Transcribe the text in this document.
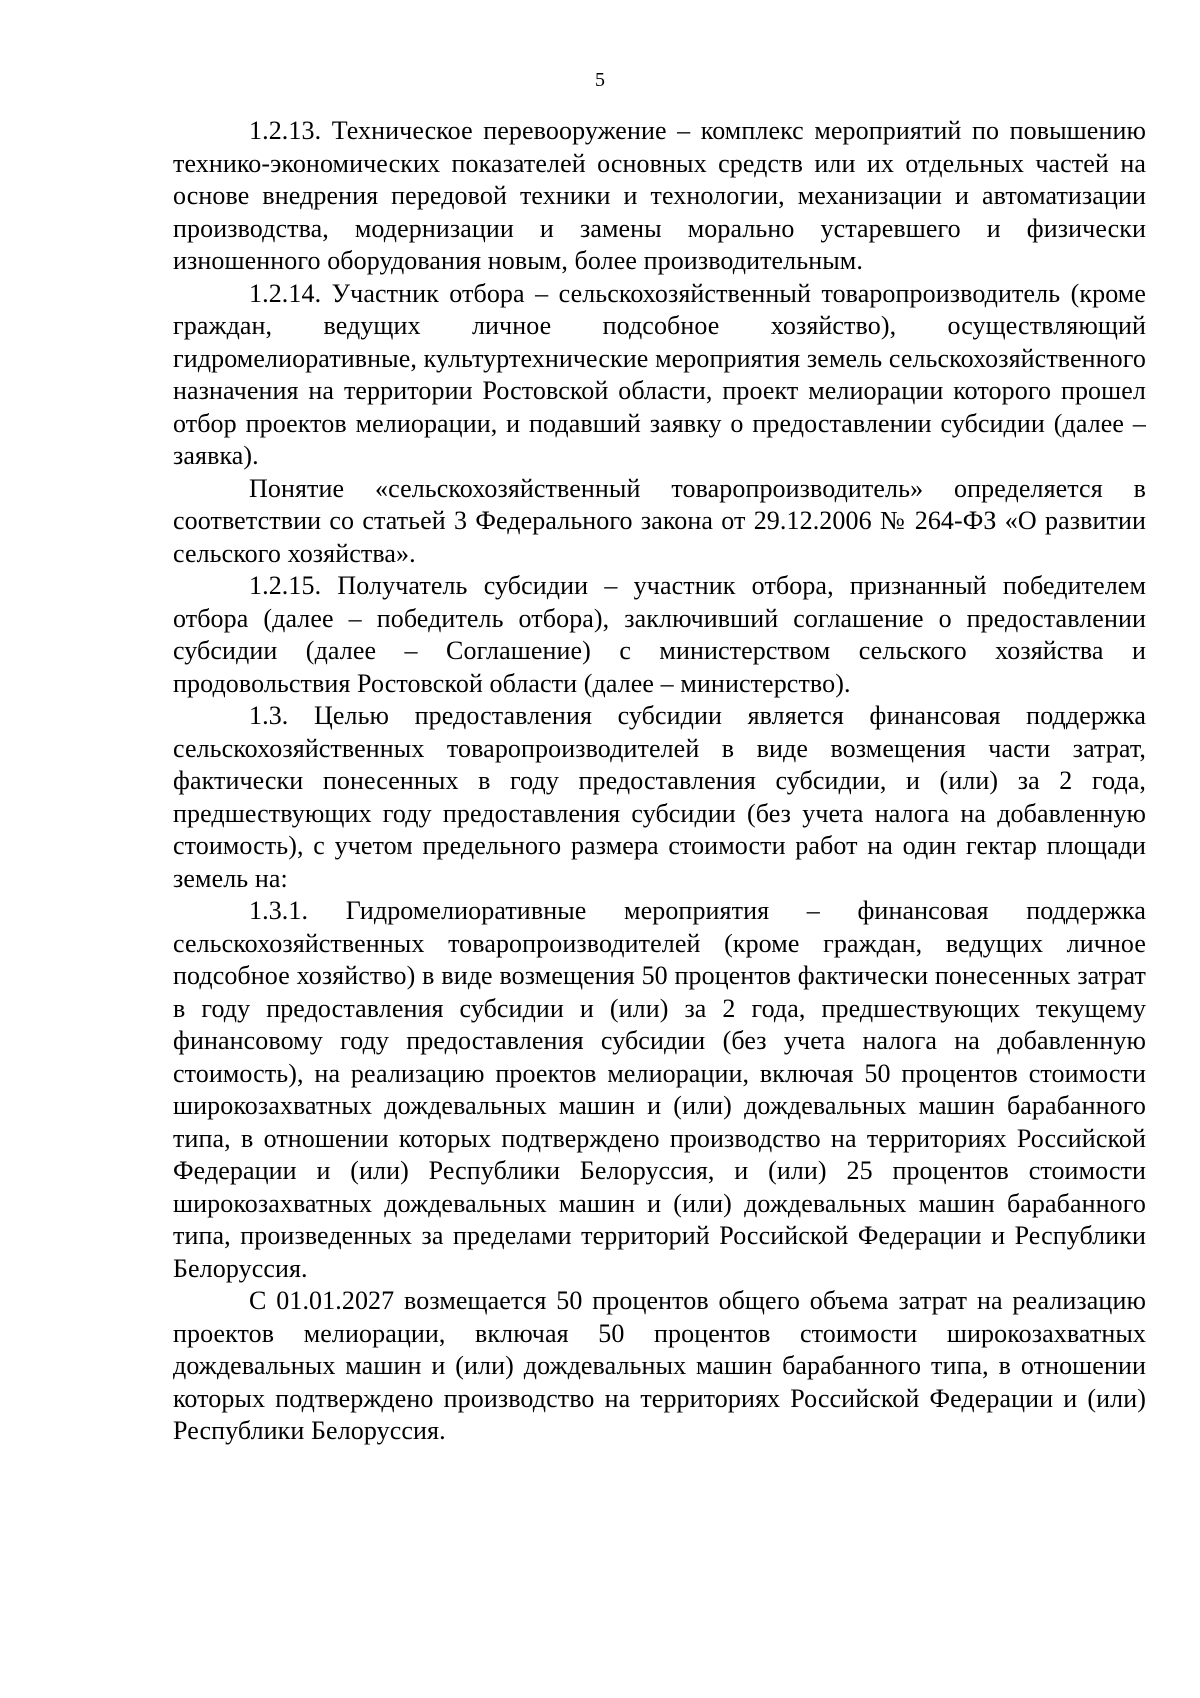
5

1.2.13. Техническое перевооружение – комплекс мероприятий по повышению технико-экономических показателей основных средств или их отдельных частей на основе внедрения передовой техники и технологии, механизации и автоматизации производства, модернизации и замены морально устаревшего и физически изношенного оборудования новым, более производительным.

1.2.14. Участник отбора – сельскохозяйственный товаропроизводитель (кроме граждан, ведущих личное подсобное хозяйство), осуществляющий гидромелиоративные, культуртехнические мероприятия земель сельскохозяйственного назначения на территории Ростовской области, проект мелиорации которого прошел отбор проектов мелиорации, и подавший заявку о предоставлении субсидии (далее – заявка).

Понятие «сельскохозяйственный товаропроизводитель» определяется в соответствии со статьей 3 Федерального закона от 29.12.2006 № 264-ФЗ «О развитии сельского хозяйства».

1.2.15. Получатель субсидии – участник отбора, признанный победителем отбора (далее – победитель отбора), заключивший соглашение о предоставлении субсидии (далее – Соглашение) с министерством сельского хозяйства и продовольствия Ростовской области (далее – министерство).

1.3. Целью предоставления субсидии является финансовая поддержка сельскохозяйственных товаропроизводителей в виде возмещения части затрат, фактически понесенных в году предоставления субсидии, и (или) за 2 года, предшествующих году предоставления субсидии (без учета налога на добавленную стоимость), с учетом предельного размера стоимости работ на один гектар площади земель на:

1.3.1. Гидромелиоративные мероприятия – финансовая поддержка сельскохозяйственных товаропроизводителей (кроме граждан, ведущих личное подсобное хозяйство) в виде возмещения 50 процентов фактически понесенных затрат в году предоставления субсидии и (или) за 2 года, предшествующих текущему финансовому году предоставления субсидии (без учета налога на добавленную стоимость), на реализацию проектов мелиорации, включая 50 процентов стоимости широкозахватных дождевальных машин и (или) дождевальных машин барабанного типа, в отношении которых подтверждено производство на территориях Российской Федерации и (или) Республики Белоруссия, и (или) 25 процентов стоимости широкозахватных дождевальных машин и (или) дождевальных машин барабанного типа, произведенных за пределами территорий Российской Федерации и Республики Белоруссия.

С 01.01.2027 возмещается 50 процентов общего объема затрат на реализацию проектов мелиорации, включая 50 процентов стоимости широкозахватных дождевальных машин и (или) дождевальных машин барабанного типа, в отношении которых подтверждено производство на территориях Российской Федерации и (или) Республики Белоруссия.
